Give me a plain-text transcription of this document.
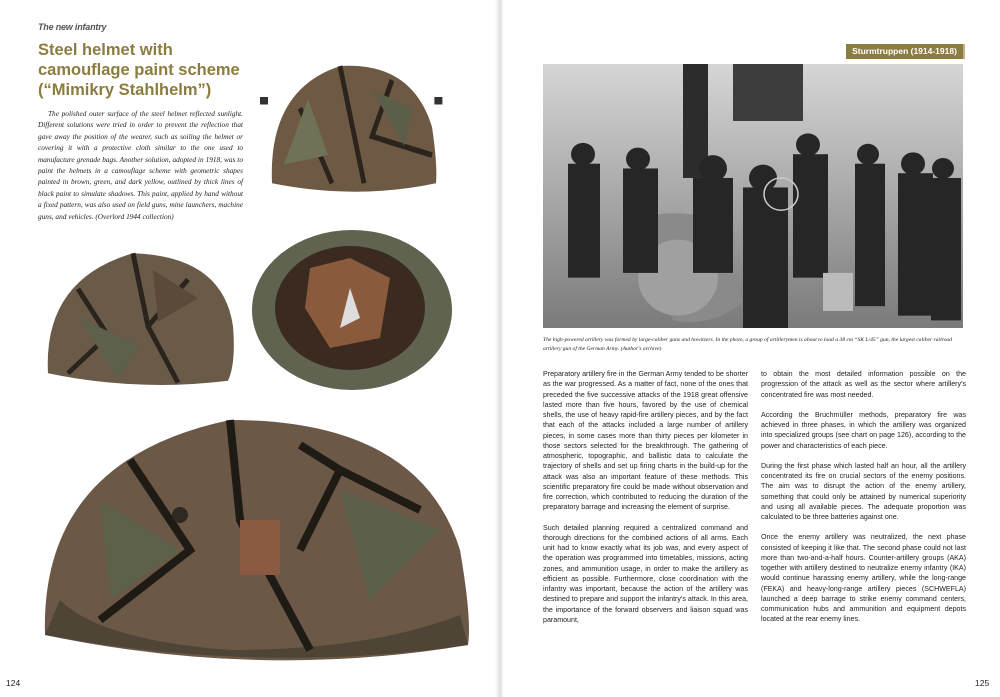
The new infantry
Steel helmet with camouflage paint scheme (“Mimikry Stahlhelm”)
The polished outer surface of the steel helmet reflected sunlight. Different solutions were tried in order to prevent the reflection that gave away the position of the wearer, such as soiling the helmet or covering it with a protective cloth similar to the one used to manufacture grenade bags. Another solution, adopted in 1918, was to paint the helmets in a camouflage scheme with geometric shapes painted in brown, green, and dark yellow, outlined by thick lines of black paint to simulate shadows. This paint, applied by hand without a fixed pattern, was also used on field guns, mine launchers, machine guns, and vehicles. (Overlord 1944 collection)
124
Sturmtruppen (1914-1918)
The high-powered artillery was formed by large-caliber guns and howitzers. In the photo, a group of artillerymen is about to load a 38 cm “SK L/45” gun, the largest caliber railroad artillery gun of the German Army. (Author's archive)

Preparatory artillery fire in the German Army tended to be shorter as the war progressed. As a matter of fact, none of the ones that preceded the five successive attacks of the 1918 great offensive lasted more than five hours, favored by the use of chemical shells, the use of heavy rapid-fire artillery pieces, and by the fact that each of the attacks included a large number of artillery pieces, in some cases more than thirty pieces per kilometer in those sectors selected for the breakthrough. The gathering of atmospheric, topographic, and ballistic data to calculate the trajectory of shells and set up firing charts in the build-up for the attack was also an important feature of these methods. This scientific preparatory fire could be made without observation and fire correction, which contributed to reducing the duration of the preparatory barrage and increasing the element of surprise.

Such detailed planning required a centralized command and thorough directions for the combined actions of all arms. Each unit had to know exactly what its job was, and every aspect of the operation was programmed into timetables, missions, acting zones, and ammunition usage, in order to make the artillery as efficient as possible. Furthermore, close coordination with the infantry was important, because the action of the artillery was destined to prepare and support the infantry's attack. In this area, the importance of the forward observers and liaison squad was paramount,

to obtain the most detailed information possible on the progression of the attack as well as the sector where artillery's concentrated fire was most needed.

According the Bruchmüller methods, preparatory fire was achieved in three phases, in which the artillery was organized into specialized groups (see chart on page 126), according to the power and characteristics of each piece.

During the first phase which lasted half an hour, all the artillery concentrated its fire on crucial sectors of the enemy positions. The aim was to disrupt the action of the enemy artillery, something that could only be attained by numerical superiority and using all available pieces. The adequate proportion was calculated to be three batteries against one.

Once the enemy artillery was neutralized, the next phase consisted of keeping it like that. The second phase could not last more than two-and-a-half hours. Counter-artillery groups (AKA) together with artillery destined to neutralize enemy infantry (IKA) would continue harassing enemy artillery, while the long-range (FEKA) and heavy-long-range artillery pieces (SCHWEFLA) launched a deep barrage to strike enemy command centers, communication hubs and ammunition and equipment depots located at the rear enemy lines.

125
